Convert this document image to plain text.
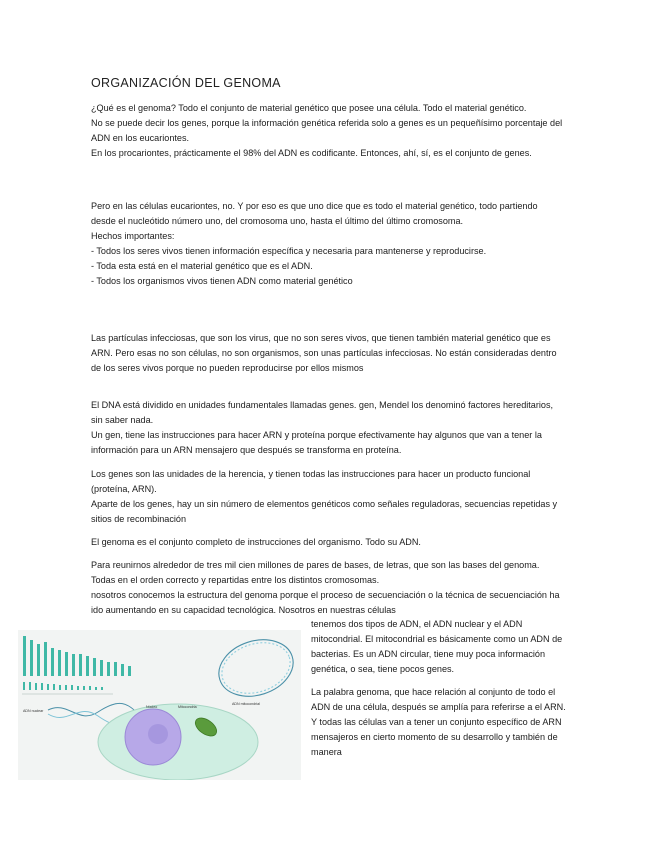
ORGANIZACIÓN DEL GENOMA

¿Qué es el genoma? Todo el conjunto de material genético que posee una célula. Todo el material genético.

No se puede decir los genes, porque la información genética referida solo a genes es un pequeñísimo porcentaje del ADN en los eucariontes.

En los procariontes, prácticamente el 98% del ADN es codificante. Entonces, ahí, sí, es el conjunto de genes.

Pero en las células eucariontes, no. Y por eso es que uno dice que es todo el material genético, todo partiendo desde el nucleótido número uno, del cromosoma uno, hasta el último del último cromosoma.

Hechos importantes:

- Todos los seres vivos tienen información específica y necesaria para mantenerse y reproducirse.

- Toda esta está en el material genético que es el ADN.

- Todos los organismos vivos tienen ADN como material genético

Las partículas infecciosas, que son los virus, que no son seres vivos, que tienen también material genético que es ARN. Pero esas no son células, no son organismos, son unas partículas infecciosas. No están consideradas dentro de los seres vivos porque no pueden reproducirse por ellos mismos

El DNA está dividido en unidades fundamentales llamadas genes. gen, Mendel los denominó factores hereditarios, sin saber nada.

Un gen, tiene las instrucciones para hacer ARN y proteína porque efectivamente hay algunos que van a tener la información para un ARN mensajero que después se transforma en proteína.

Los genes son las unidades de la herencia, y tienen todas las instrucciones para hacer un producto funcional (proteína, ARN).

Aparte de los genes, hay un sin número de elementos genéticos como señales reguladoras, secuencias repetidas y sitios de recombinación

El genoma es el conjunto completo de instrucciones del organismo. Todo su ADN.

Para reunirnos alrededor de tres mil cien millones de pares de bases, de letras, que son las bases del genoma. Todas en el orden correcto y repartidas entre los distintos cromosomas.

nosotros conocemos la estructura del genoma porque el proceso de secuenciación o la técnica de secuenciación ha ido aumentando en su capacidad tecnológica. Nosotros en nuestras células

tenemos dos tipos de ADN, el ADN nuclear y el ADN mitocondrial. El mitocondrial es básicamente como un ADN de bacterias. Es un ADN circular, tiene muy poca información genética, o sea, tiene pocos genes.

La palabra genoma, que hace relación al conjunto de todo el ADN de una célula, después se amplía para referirse a el ARN. Y todas las células van a tener un conjunto específico de ARN mensajeros en cierto momento de su desarrollo y también de manera

ADN nuclear
Núcleo	Mitocondria
ADN mitocondrial
